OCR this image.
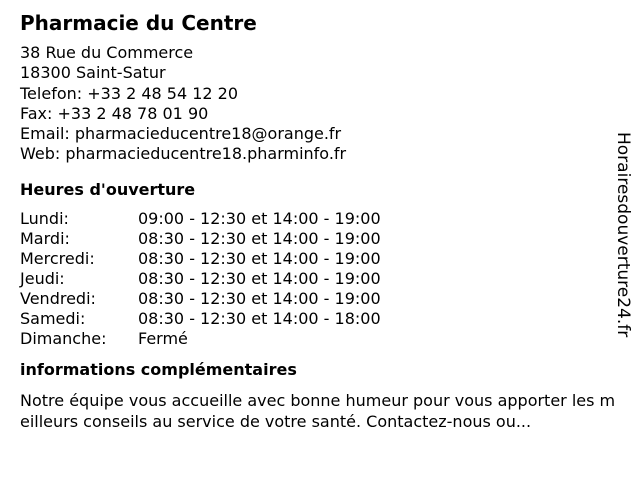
Pharmacie du Centre
38 Rue du Commerce
18300 Saint-Satur
Telefon: +33 2 48 54 12 20
Fax: +33 2 48 78 01 90
Email: pharmacieducentre18@orange.fr
Web: pharmacieducentre18.pharminfo.fr
Heures d'ouverture
Lundi:	09:00 - 12:30 et 14:00 - 19:00
Mardi:	08:30 - 12:30 et 14:00 - 19:00
Mercredi:	08:30 - 12:30 et 14:00 - 19:00
Jeudi:	08:30 - 12:30 et 14:00 - 19:00
Vendredi:	08:30 - 12:30 et 14:00 - 19:00
Samedi:	08:30 - 12:30 et 14:00 - 18:00
Dimanche:	Fermé
informations complémentaires
Notre équipe vous accueille avec bonne humeur pour vous apporter les meilleurs conseils au service de votre santé. Contactez-nous ou...
Horairesdouverture24.fr
